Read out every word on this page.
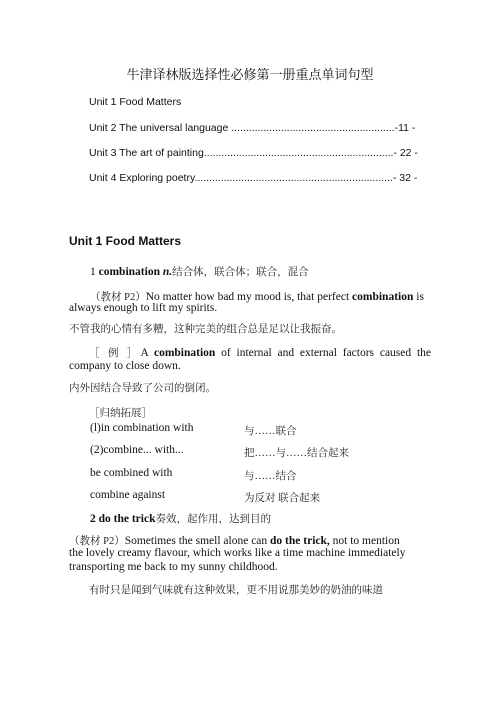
牛津译林版选择性必修第一册重点单词句型
Unit 1 Food Matters
Unit 2 The universal language ........................................................-11 -
Unit 3 The art of painting.................................................................- 22 -
Unit 4 Exploring poetry....................................................................- 32 -
Unit 1 Food Matters
1 combination n.结合体，联合体；联合，混合
（教材 P2）No matter how bad my mood is, that perfect combination is
always enough to lift my spirits.
不管我的心情有多糟，这种完美的组合总是足以让我振奋。
［ 例 ］A combination of internal and external factors caused the
company to close down.
内外因结合导致了公司的倒闭。
［归纳拓展］
(l)in combination with	与……联合
(2)combine... with...	把……与……结合起来
be combined with	与……结合
combine against	为反对 联合起来
2 do the trick奏效，起作用，达到目的
（教材 P2）Sometimes the smell alone can do the trick, not to mention
the lovely creamy flavour, which works like a time machine immediately
transporting me back to my sunny childhood.
有时只是闻到气味就有这种效果，更不用说那美妙的奶油的味道
